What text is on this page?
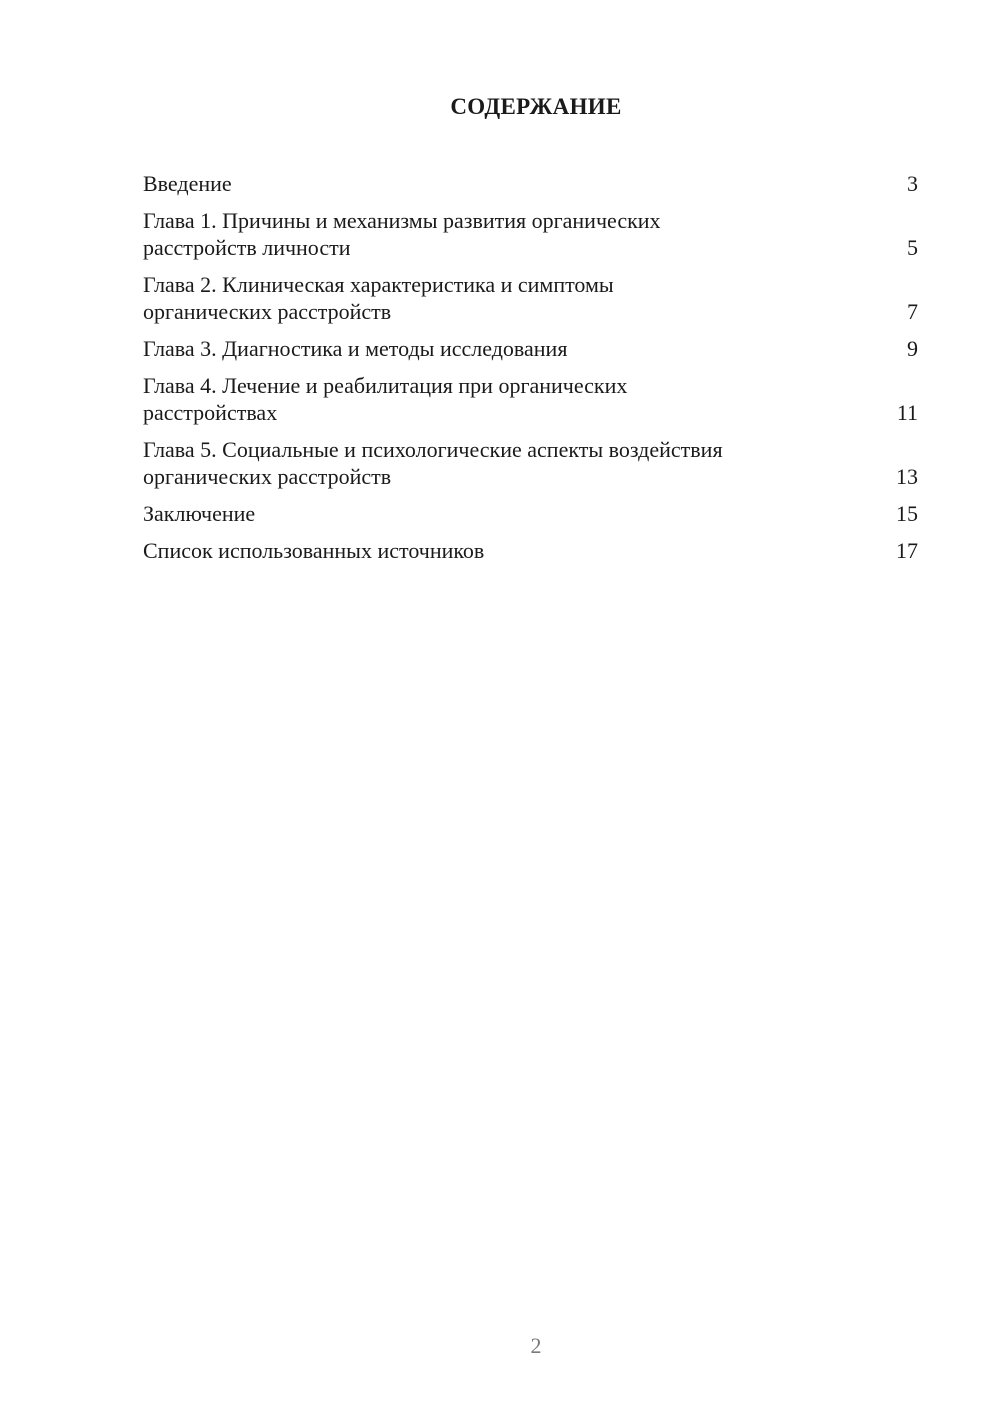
СОДЕРЖАНИЕ
Введение	3
Глава 1. Причины и механизмы развития органических
расстройств личности	5
Глава 2. Клиническая характеристика и симптомы
органических расстройств	7
Глава 3. Диагностика и методы исследования	9
Глава 4. Лечение и реабилитация при органических
расстройствах	11
Глава 5. Социальные и психологические аспекты воздействия
органических расстройств	13
Заключение	15
Список использованных источников	17
2
